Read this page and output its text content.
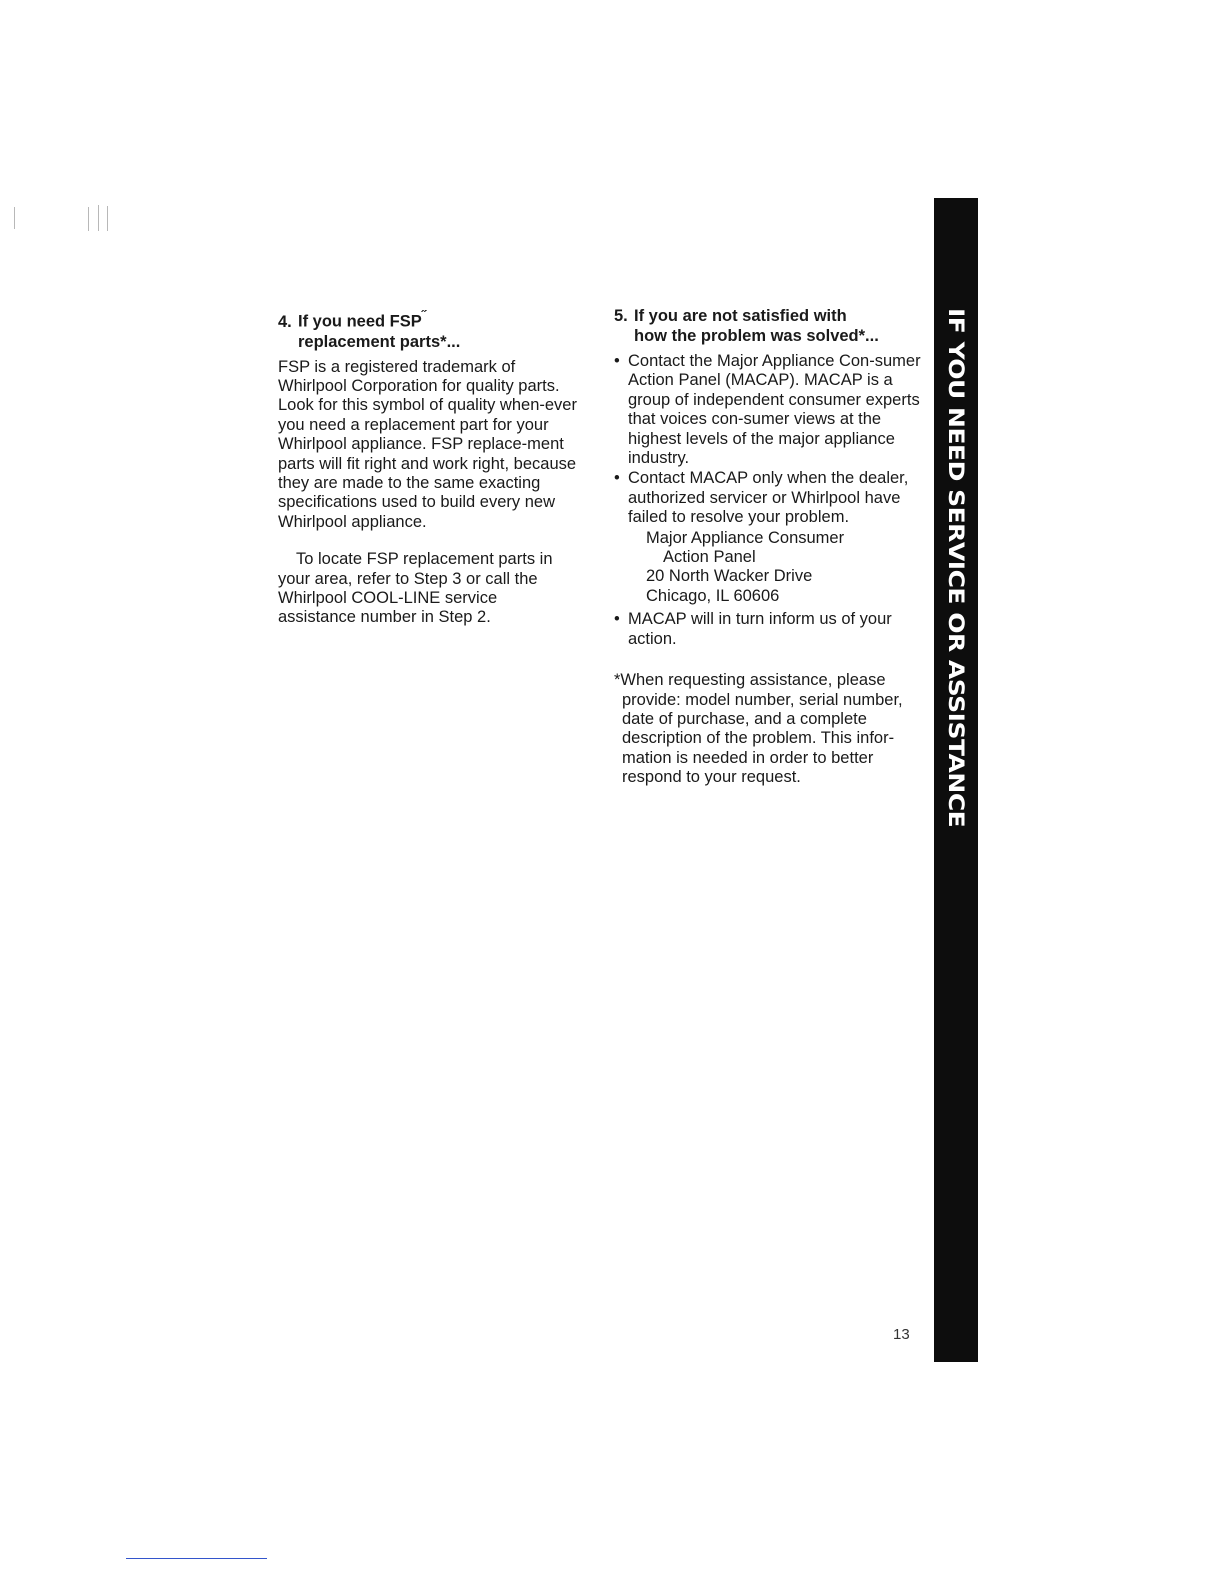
4. If you need FSP˝
replacement parts*...

FSP is a registered trademark of Whirlpool Corporation for quality parts. Look for this symbol of quality when-ever you need a replacement part for your Whirlpool appliance. FSP replace-ment parts will fit right and work right, because they are made to the same exacting specifications used to build every new Whirlpool appliance.

To locate FSP replacement parts in your area, refer to Step 3 or call the Whirlpool COOL-LINE service assistance number in Step 2.

5. If you are not satisfied with
how the problem was solved*...

• Contact the Major Appliance Con-sumer Action Panel (MACAP). MACAP is a group of independent consumer experts that voices con-sumer views at the highest levels of the major appliance industry.

• Contact MACAP only when the dealer, authorized servicer or Whirlpool have failed to resolve your problem.

Major Appliance Consumer
Action Panel
20 North Wacker Drive
Chicago, IL 60606

• MACAP will in turn inform us of your action.

*When requesting assistance, please provide: model number, serial number, date of purchase, and a complete description of the problem. This infor-mation is needed in order to better respond to your request.	IF YOU NEED SERVICE OR ASSISTANCE
13
